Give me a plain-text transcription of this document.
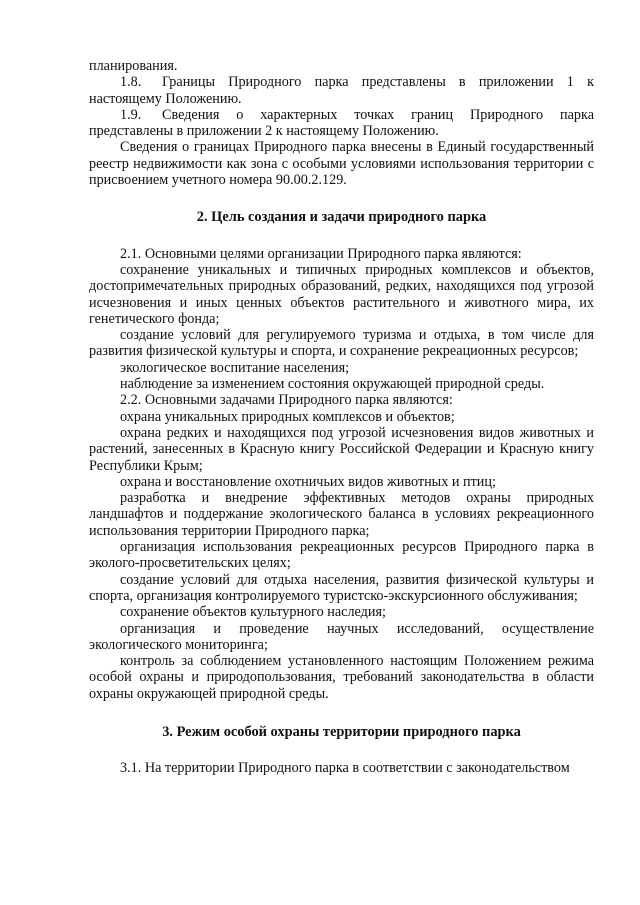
планирования.

1.8. Границы Природного парка представлены в приложении 1 к настоящему Положению.

1.9. Сведения о характерных точках границ Природного парка представлены в приложении 2 к настоящему Положению.

Сведения о границах Природного парка внесены в Единый государственный реестр недвижимости как зона с особыми условиями использования территории с присвоением учетного номера 90.00.2.129.

2. Цель создания и задачи природного парка

2.1. Основными целями организации Природного парка являются:

сохранение уникальных и типичных природных комплексов и объектов, достопримечательных природных образований, редких, находящихся под угрозой исчезновения и иных ценных объектов растительного и животного мира, их генетического фонда;

создание условий для регулируемого туризма и отдыха, в том числе для развития физической культуры и спорта, и сохранение рекреационных ресурсов;

экологическое воспитание населения;

наблюдение за изменением состояния окружающей природной среды.

2.2. Основными задачами Природного парка являются:

охрана уникальных природных комплексов и объектов;

охрана редких и находящихся под угрозой исчезновения видов животных и растений, занесенных в Красную книгу Российской Федерации и Красную книгу Республики Крым;

охрана и восстановление охотничьих видов животных и птиц;

разработка и внедрение эффективных методов охраны природных ландшафтов и поддержание экологического баланса в условиях рекреационного использования территории Природного парка;

организация использования рекреационных ресурсов Природного парка в эколого-просветительских целях;

создание условий для отдыха населения, развития физической культуры и спорта, организация контролируемого туристско-экскурсионного обслуживания;

сохранение объектов культурного наследия;

организация и проведение научных исследований, осуществление экологического мониторинга;

контроль за соблюдением установленного настоящим Положением режима особой охраны и природопользования, требований законодательства в области охраны окружающей природной среды.

3. Режим особой охраны территории природного парка

3.1. На территории Природного парка в соответствии с законодательством
